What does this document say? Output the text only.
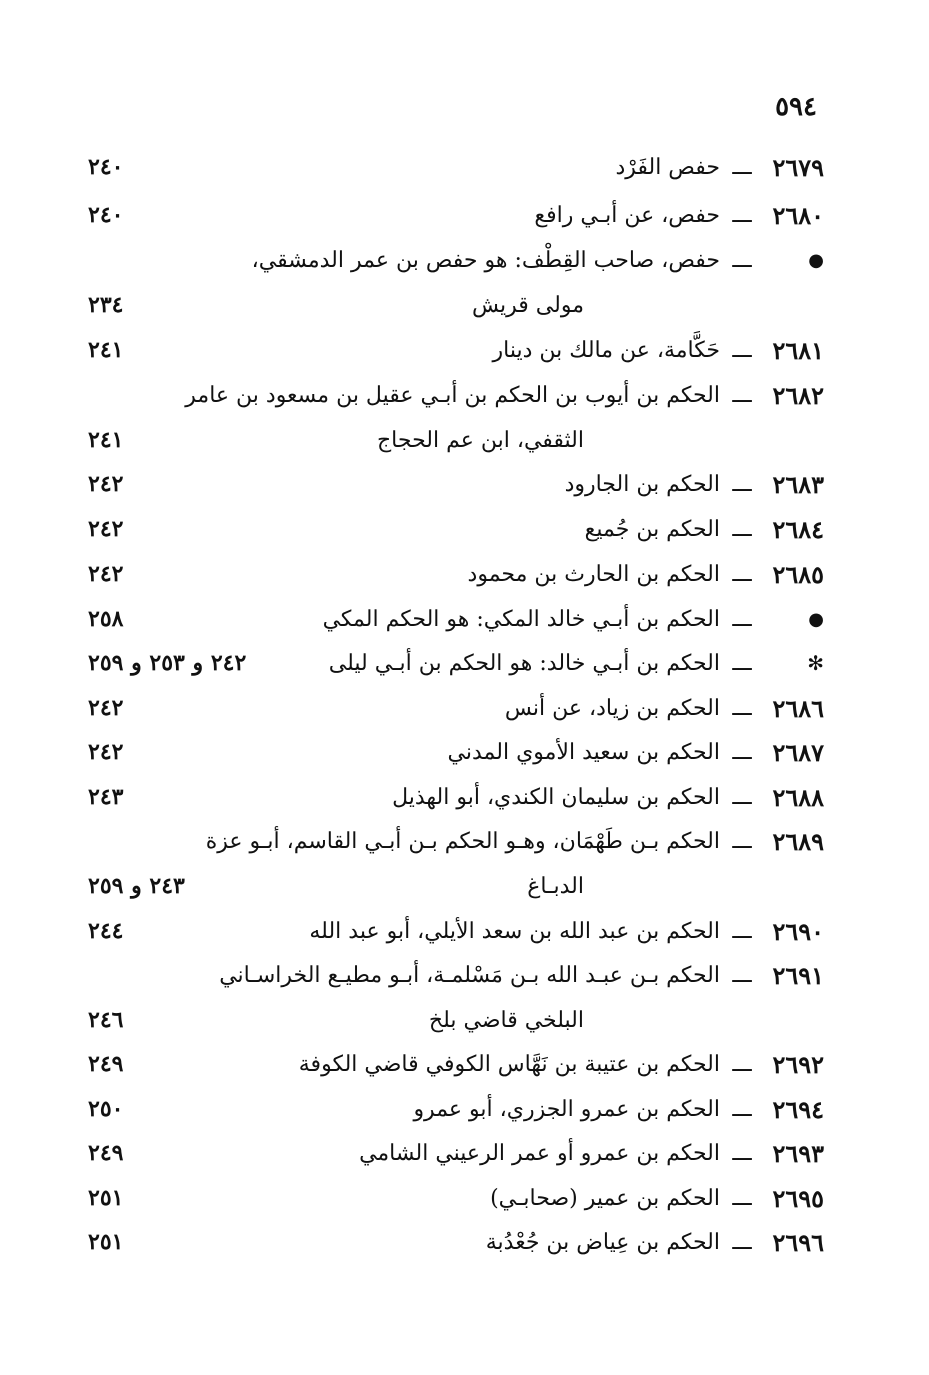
٥٩٤
٢٦٧٩
ـــ
حفص الفَرْد
٢٤٠
٢٦٨٠
ـــ
حفص، عن أبـي رافع
٢٤٠
●
ـــ
حفص، صاحب القِطْف: هو حفص بن عمر الدمشقي،
مولى قريش
٢٣٤
٢٦٨١
ـــ
حَكَّامة، عن مالك بن دينار
٢٤١
٢٦٨٢
ـــ
الحكم بن أيوب بن الحكم بن أبـي عقيل بن مسعود بن عامر
الثقفي، ابن عم الحجاج
٢٤١
٢٦٨٣
ـــ
الحكم بن الجارود
٢٤٢
٢٦٨٤
ـــ
الحكم بن جُميع
٢٤٢
٢٦٨٥
ـــ
الحكم بن الحارث بن محمود
٢٤٢
●
ـــ
الحكم بن أبـي خالد المكي: هو الحكم المكي
٢٥٨
✻
ـــ
الحكم بن أبـي خالد: هو الحكم بن أبـي ليلى
٢٤٢ و ٢٥٣ و ٢٥٩
٢٦٨٦
ـــ
الحكم بن زياد، عن أنس
٢٤٢
٢٦٨٧
ـــ
الحكم بن سعيد الأموي المدني
٢٤٢
٢٦٨٨
ـــ
الحكم بن سليمان الكندي، أبو الهذيل
٢٤٣
٢٦٨٩
ـــ
الحكم بـن طَهْمَان، وهـو الحكم بـن أبـي القاسم، أبـو عزة
الدبـاغ
٢٤٣ و ٢٥٩
٢٦٩٠
ـــ
الحكم بن عبد الله بن سعد الأيلي، أبو عبد الله
٢٤٤
٢٦٩١
ـــ
الحكم بـن عبـد الله بـن مَسْلمـة، أبـو مطيـع الخراسـاني
البلخي قاضي بلخ
٢٤٦
٢٦٩٢
ـــ
الحكم بن عتيبة بن نَهَّاس الكوفي قاضي الكوفة
٢٤٩
٢٦٩٤
ـــ
الحكم بن عمرو الجزري، أبو عمرو
٢٥٠
٢٦٩٣
ـــ
الحكم بن عمرو أو عمر الرعيني الشامي
٢٤٩
٢٦٩٥
ـــ
الحكم بن عمير (صحابـي)
٢٥١
٢٦٩٦
ـــ
الحكم بن عِياض بن جُعْدُبة
٢٥١
